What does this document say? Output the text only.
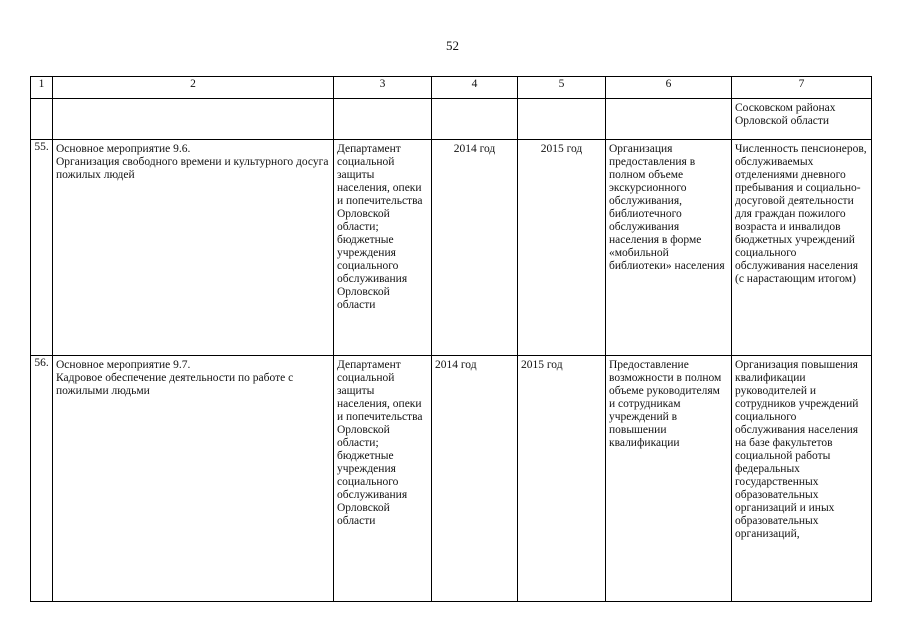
52
1	2	3	4	5	6	7
						Сосковском районах Орловской области
55.	Основное мероприятие 9.6.
Организация свободного времени и культурного досуга пожилых людей	Департамент социальной защиты населения, опеки и попечительства Орловской области; бюджетные учреждения социального обслуживания Орловской области	2014 год	2015 год	Организация предоставления в полном объеме экскурсионного обслуживания, библиотечного обслуживания населения в форме «мобильной библиотеки» населения	Численность пенсионеров, обслуживаемых отделениями дневного пребывания и социально-досуговой деятельности для граждан пожилого возраста и инвалидов бюджетных учреждений социального обслуживания населения (с нарастающим итогом)
56.	Основное мероприятие 9.7.
Кадровое обеспечение деятельности по работе с пожилыми людьми	Департамент социальной защиты населения, опеки и попечительства Орловской области; бюджетные учреждения социального обслуживания Орловской области	2014 год	2015 год	Предоставление возможности в полном объеме руководителям и сотрудникам учреждений в повышении квалификации	Организация повышения квалификации руководителей и сотрудников учреждений социального обслуживания населения на базе факультетов социальной работы федеральных государственных образовательных организаций и иных образовательных организаций,
